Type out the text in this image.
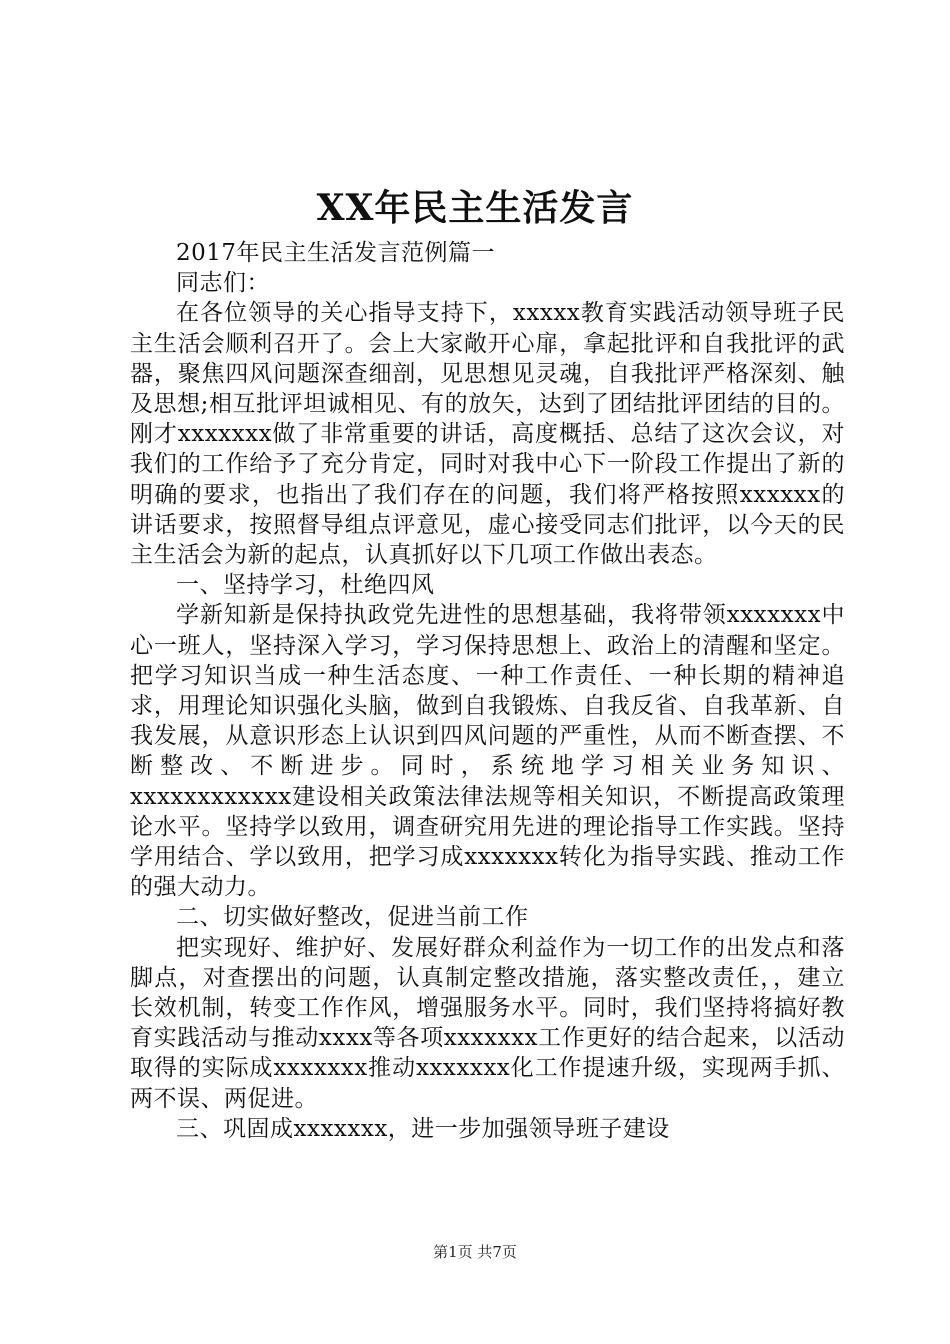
XX年民主生活发言

2017年民主生活发言范例篇一

同志们：

在各位领导的关心指导支持下，xxxxx教育实践活动领导班子民主生活会顺利召开了。会上大家敞开心扉，拿起批评和自我批评的武器，聚焦四风问题深查细剖，见思想见灵魂，自我批评严格深刻、触及思想;相互批评坦诚相见、有的放矢，达到了团结批评团结的目的。刚才xxxxxxx做了非常重要的讲话，高度概括、总结了这次会议，对我们的工作给予了充分肯定，同时对我中心下一阶段工作提出了新的明确的要求，也指出了我们存在的问题，我们将严格按照xxxxxx的讲话要求，按照督导组点评意见，虚心接受同志们批评，以今天的民主生活会为新的起点，认真抓好以下几项工作做出表态。

一、坚持学习，杜绝四风

学新知新是保持执政党先进性的思想基础，我将带领xxxxxxx中心一班人，坚持深入学习，学习保持思想上、政治上的清醒和坚定。把学习知识当成一种生活态度、一种工作责任、一种长期的精神追求，用理论知识强化头脑，做到自我锻炼、自我反省、自我革新、自我发展，从意识形态上认识到四风问题的严重性，从而不断查摆、不断整改、不断进步。同时，系统地学习相关业务知识、xxxxxxxxxxxx建设相关政策法律法规等相关知识，不断提高政策理论水平。坚持学以致用，调查研究用先进的理论指导工作实践。坚持学用结合、学以致用，把学习成xxxxxxx转化为指导实践、推动工作的强大动力。

二、切实做好整改，促进当前工作

把实现好、维护好、发展好群众利益作为一切工作的出发点和落脚点，对查摆出的问题，认真制定整改措施，落实整改责任，，建立长效机制，转变工作作风，增强服务水平。同时，我们坚持将搞好教育实践活动与推动xxxx等各项xxxxxxx工作更好的结合起来，以活动取得的实际成xxxxxxx推动xxxxxxx化工作提速升级，实现两手抓、两不误、两促进。

三、巩固成xxxxxxx，进一步加强领导班子建设

第1页 共7页
